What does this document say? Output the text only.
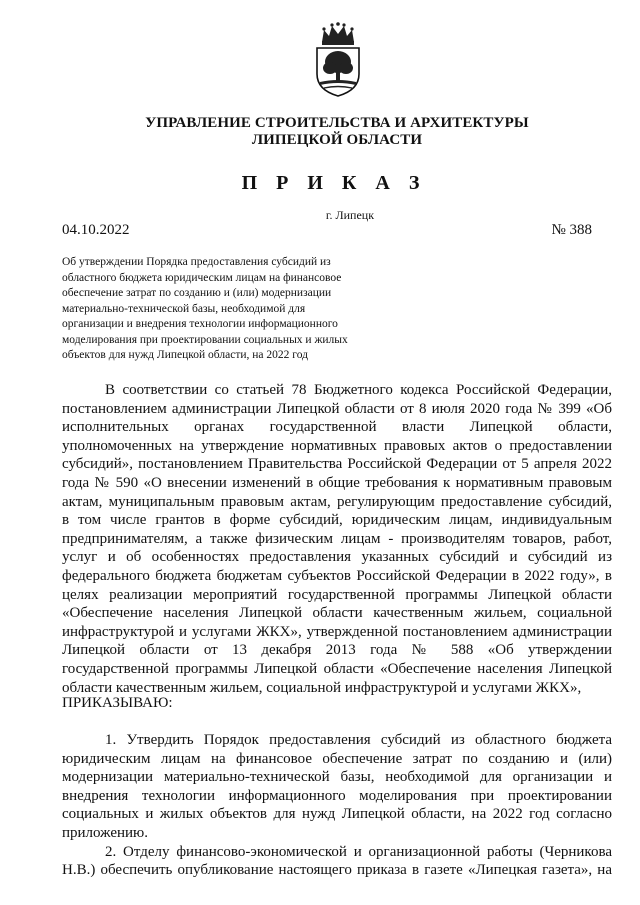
УПРАВЛЕНИЕ СТРОИТЕЛЬСТВА И АРХИТЕКТУРЫ
ЛИПЕЦКОЙ ОБЛАСТИ
П Р И К А З
г. Липецк
04.10.2022	№ 388
Об утверждении Порядка предоставления субсидий из
областного бюджета юридическим лицам на финансовое
обеспечение затрат по созданию и (или) модернизации
материально-технической базы, необходимой для
организации и внедрения технологии информационного
моделирования при проектировании социальных и жилых
объектов для нужд Липецкой области, на 2022 год
В соответствии со статьей 78 Бюджетного кодекса Российской Федерации,
постановлением администрации Липецкой области от 8 июля 2020 года № 399 «Об
исполнительных органах государственной власти Липецкой области,
уполномоченных на утверждение нормативных правовых актов о предоставлении
субсидий», постановлением Правительства Российской Федерации от 5 апреля 2022
года № 590 «О внесении изменений в общие требования к нормативным правовым
актам, муниципальным правовым актам, регулирующим предоставление субсидий,
в том числе грантов в форме субсидий, юридическим лицам, индивидуальным
предпринимателям, а также физическим лицам - производителям товаров, работ,
услуг и об особенностях предоставления указанных субсидий и субсидий из
федерального бюджета бюджетам субъектов Российской Федерации в 2022 году», в
целях реализации мероприятий государственной программы Липецкой области
«Обеспечение населения Липецкой области качественным жильем, социальной
инфраструктурой и услугами ЖКХ», утвержденной постановлением администрации
Липецкой области от 13 декабря 2013 года № 588 «Об утверждении
государственной программы Липецкой области «Обеспечение населения Липецкой
области качественным жильем, социальной инфраструктурой и услугами ЖКХ»,
ПРИКАЗЫВАЮ:
1. Утвердить Порядок предоставления субсидий из областного бюджета
юридическим лицам на финансовое обеспечение затрат по созданию и (или)
модернизации материально-технической базы, необходимой для организации и
внедрения технологии информационного моделирования при проектировании
социальных и жилых объектов для нужд Липецкой области, на 2022 год согласно
приложению.
2. Отделу финансово-экономической и организационной работы (Черникова
Н.В.) обеспечить опубликование настоящего приказа в газете «Липецкая газета», на
